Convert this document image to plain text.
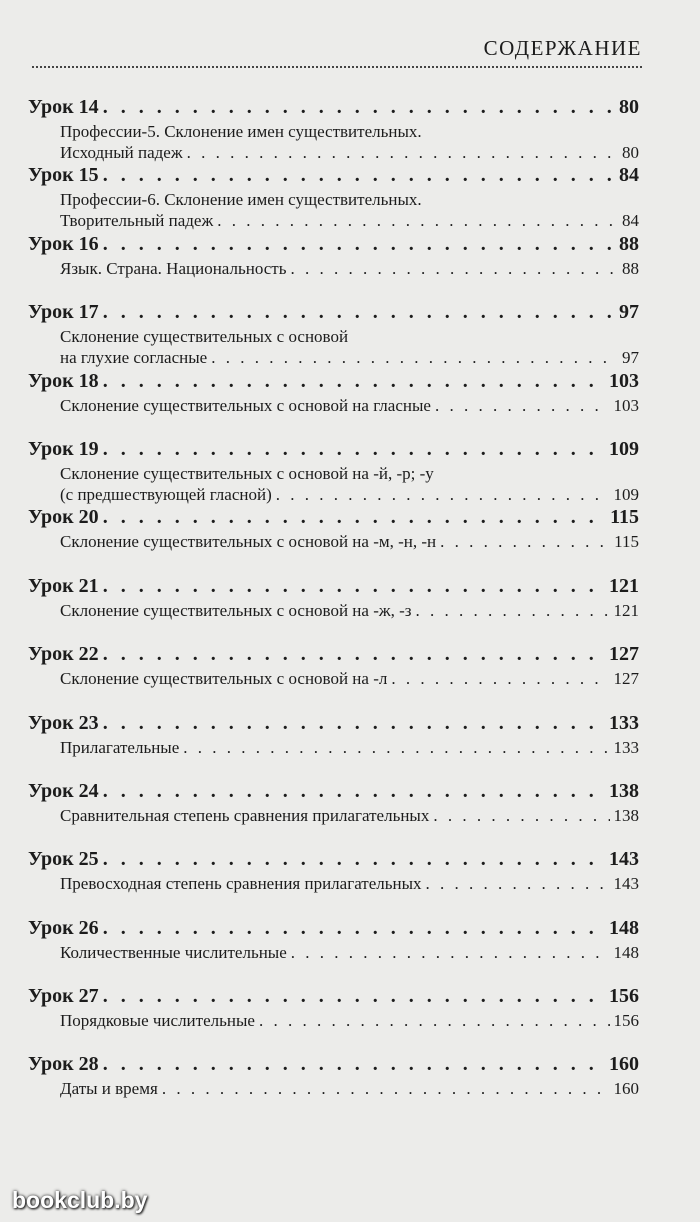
СОДЕРЖАНИЕ
Урок 14 . . .	80
Профессии-5. Склонение имен существительных.
Исходный падеж . . .	80
Урок 15 . . .	84
Профессии-6. Склонение имен существительных.
Творительный падеж . . .	84
Урок 16 . . .	88
Язык. Страна. Национальность . . .	88
Урок 17 . . .	97
Склонение существительных с основой
на глухие согласные . . .	97
Урок 18 . . .	103
Склонение существительных с основой на гласные . . .	103
Урок 19 . . .	109
Склонение существительных с основой на -й, -р; -у
(с предшествующей гласной) . . .	109
Урок 20 . . .	115
Склонение существительных с основой на -м, -н, -н . . .	115
Урок 21 . . .	121
Склонение существительных с основой на -ж, -з . . .	121
Урок 22 . . .	127
Склонение существительных с основой на -л . . .	127
Урок 23 . . .	133
Прилагательные . . .	133
Урок 24 . . .	138
Сравнительная степень сравнения прилагательных . . .	138
Урок 25 . . .	143
Превосходная степень сравнения прилагательных . . .	143
Урок 26 . . .	148
Количественные числительные . . .	148
Урок 27 . . .	156
Порядковые числительные . . .	156
Урок 28 . . .	160
Даты и время . . .	160
bookclub.by
